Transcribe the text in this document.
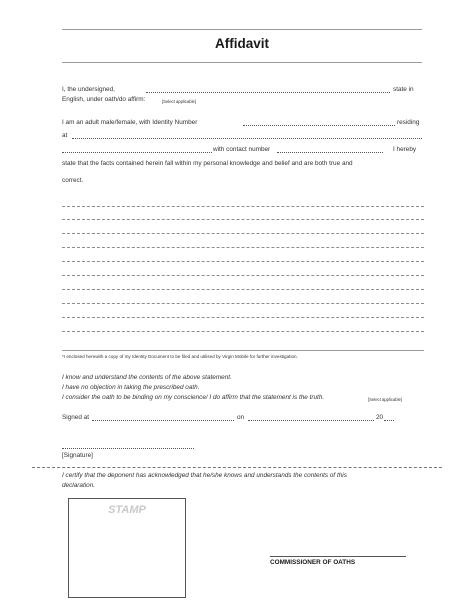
Affidavit
I, the undersigned,	state in
English, under oath/do affirm:	[Select applicable]
I am an adult male/female, with Identity Number	residing
at
with contact number	I hereby
state that the facts contained herein fall within my personal knowledge and belief and are both true and
correct.
*I enclosed herewith a copy of my Identity Document to be filed and utilised by Virgin Mobile for further investigation.
I know and understand the contents of the above statement.
I have no objection in taking the prescribed oath.
I consider the oath to be binding on my conscience/ I do affirm that the statement is the truth.	[Select applicable]
Signed at	on	20
[Signature]
I certify that the deponent has acknowledged that he/she knows and understands the contents of this
declaration.
STAMP
COMMISSIONER OF OATHS
